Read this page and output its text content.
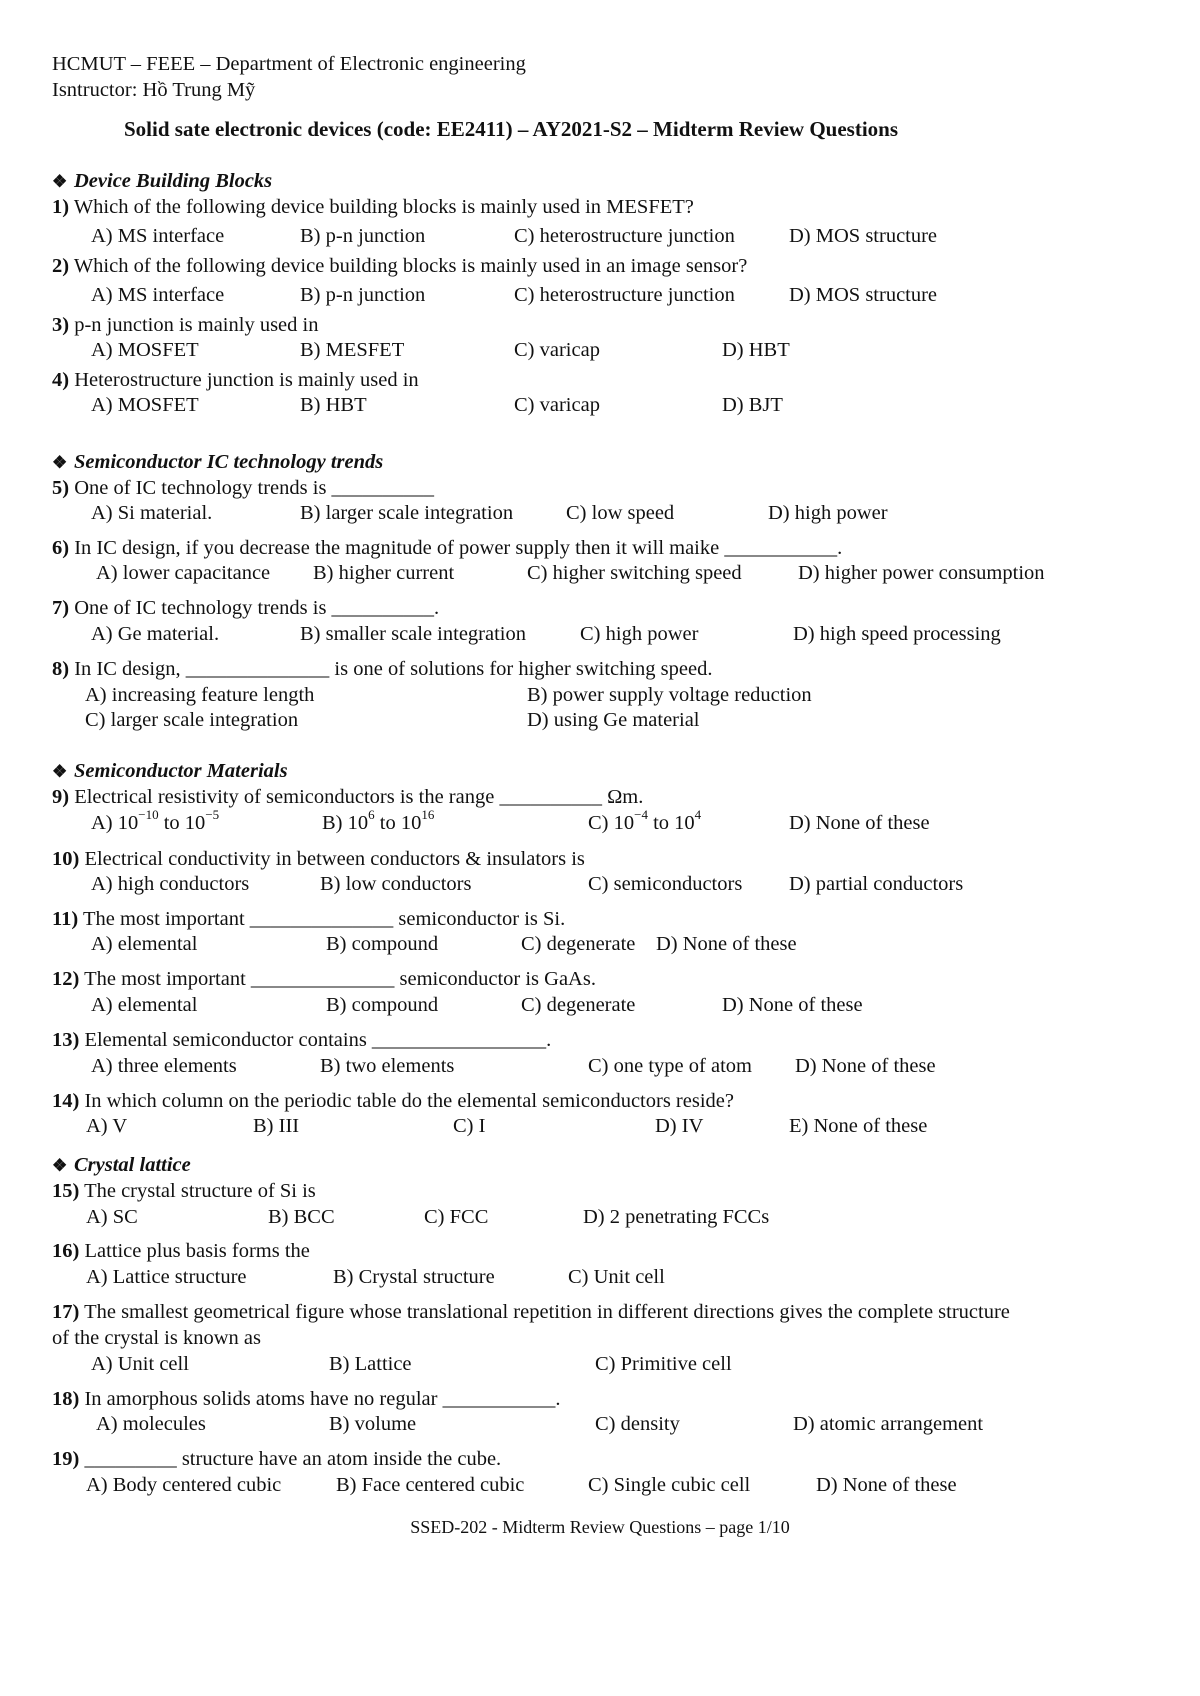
HCMUT – FEEE – Department of Electronic engineering
Isntructor: Hồ Trung Mỹ
Solid sate electronic devices (code: EE2411) – AY2021-S2 – Midterm Review Questions
❖ Device Building Blocks
1) Which of the following device building blocks is mainly used in MESFET?
A) MS interface	B) p-n junction	C) heterostructure junction	D) MOS structure
2) Which of the following device building blocks is mainly used in an image sensor?
A) MS interface	B) p-n junction	C) heterostructure junction	D) MOS structure
3) p-n junction is mainly used in
A) MOSFET	B) MESFET	C) varicap	D) HBT
4) Heterostructure junction is mainly used in
A) MOSFET	B) HBT	C) varicap	D) BJT
❖ Semiconductor IC technology trends
5) One of IC technology trends is __________
A) Si material.	B) larger scale integration	C) low speed	D) high power
6) In IC design, if you decrease the magnitude of power supply then it will maike ___________.
A) lower capacitance B) higher current	C) higher switching speed	D) higher power consumption
7) One of IC technology trends is __________.
A) Ge material.	B) smaller scale integration	C) high power	D) high speed processing
8) In IC design, ______________ is one of solutions for higher switching speed.
A) increasing feature length	B) power supply voltage reduction
C) larger scale integration	D) using Ge material
❖ Semiconductor Materials
9) Electrical resistivity of semiconductors is the range __________ Ωm.
A) $10^{-10}$ to $10^{-5}$	B) $10^6$ to $10^{16}$	C) $10^{-4}$ to $10^4$	D) None of these
10) Electrical conductivity in between conductors & insulators is
A) high conductors	B) low conductors	C) semiconductors D) partial conductors
11) The most important ______________ semiconductor is Si.
A) elemental	B) compound	C) degenerate D) None of these
12) The most important ______________ semiconductor is GaAs.
A) elemental	B) compound	C) degenerate	D) None of these
13) Elemental semiconductor contains _________________.
A) three elements	B) two elements	C) one type of atom D) None of these
14) In which column on the periodic table do the elemental semiconductors reside?
A) V	B) III	C) I	D) IV	E) None of these
❖ Crystal lattice
15) The crystal structure of Si is
A) SC	B) BCC	C) FCC	D) 2 penetrating FCCs
16) Lattice plus basis forms the
A) Lattice structure	B) Crystal structure	C) Unit cell
17) The smallest geometrical figure whose translational repetition in different directions gives the complete structure
of the crystal is known as
A) Unit cell	B) Lattice	C) Primitive cell
18) In amorphous solids atoms have no regular ___________.
A) molecules	B) volume	C) density	D) atomic arrangement
19) _________ structure have an atom inside the cube.
A) Body centered cubic	B) Face centered cubic	C) Single cubic cell	D) None of these
SSED-202 - Midterm Review Questions – page 1/10
